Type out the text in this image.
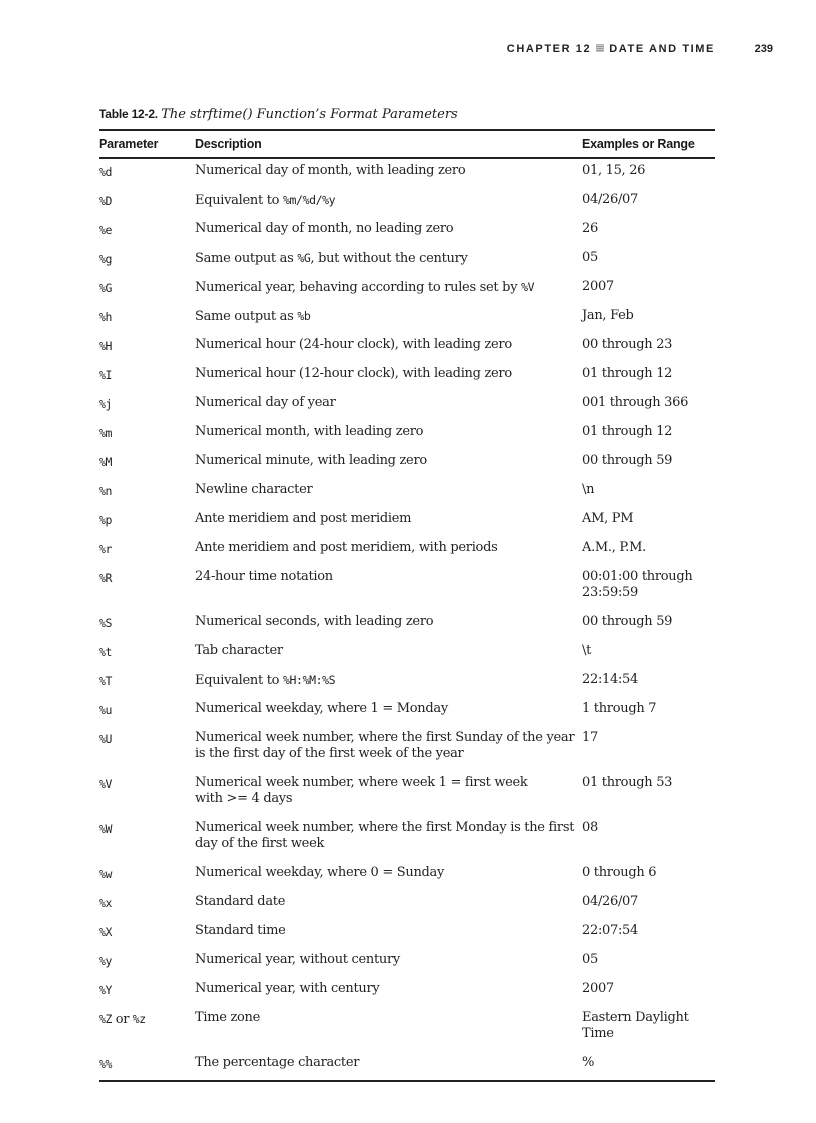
CHAPTER 12 DATE AND TIME	239
Table 12-2. The strftime() Function’s Format Parameters
Parameter	Description	Examples or Range
%d	Numerical day of month, with leading zero	01, 15, 26
%D	Equivalent to %m/%d/%y	04/26/07
%e	Numerical day of month, no leading zero	26
%g	Same output as %G, but without the century	05
%G	Numerical year, behaving according to rules set by %V	2007
%h	Same output as %b	Jan, Feb
%H	Numerical hour (24-hour clock), with leading zero	00 through 23
%I	Numerical hour (12-hour clock), with leading zero	01 through 12
%j	Numerical day of year	001 through 366
%m	Numerical month, with leading zero	01 through 12
%M	Numerical minute, with leading zero	00 through 59
%n	Newline character	\n
%p	Ante meridiem and post meridiem	AM, PM
%r	Ante meridiem and post meridiem, with periods	A.M., P.M.
%R	24-hour time notation	00:01:00 through 23:59:59
%S	Numerical seconds, with leading zero	00 through 59
%t	Tab character	\t
%T	Equivalent to %H:%M:%S	22:14:54
%u	Numerical weekday, where 1 = Monday	1 through 7
%U	Numerical week number, where the first Sunday of the year is the first day of the first week of the year	17
%V	Numerical week number, where week 1 = first week with >= 4 days	01 through 53
%W	Numerical week number, where the first Monday is the first day of the first week	08
%w	Numerical weekday, where 0 = Sunday	0 through 6
%x	Standard date	04/26/07
%X	Standard time	22:07:54
%y	Numerical year, without century	05
%Y	Numerical year, with century	2007
%Z or %z	Time zone	Eastern Daylight Time
%%	The percentage character	%
